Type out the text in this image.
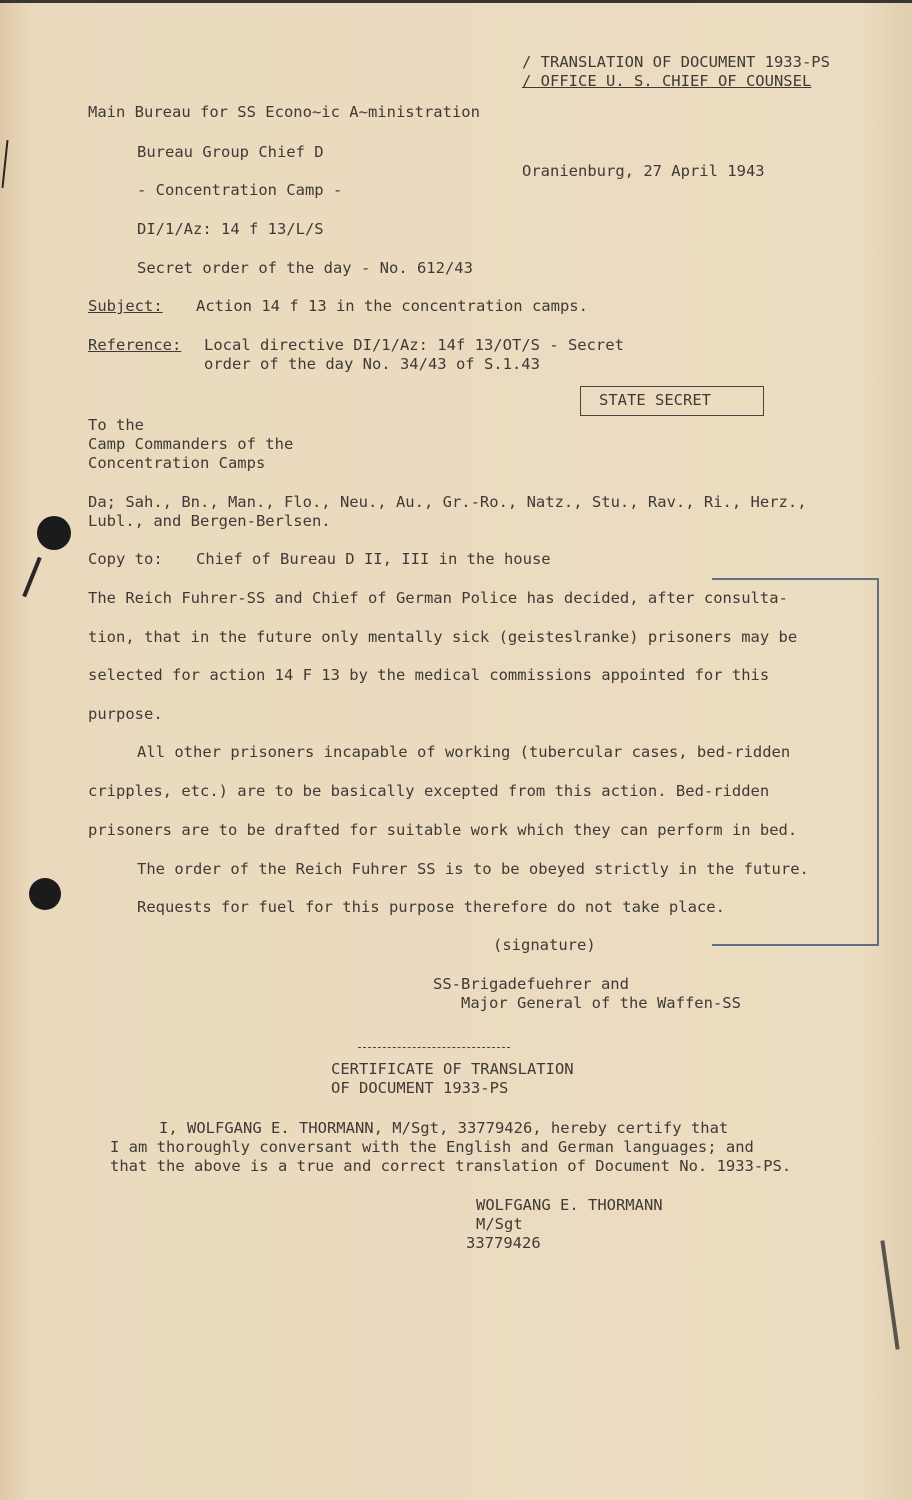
/ TRANSLATION OF DOCUMENT 1933-PS

/ OFFICE U. S. CHIEF OF COUNSEL

Main Bureau for SS Econo~ic A~ministration

Bureau Group Chief D

Oranienburg, 27 April 1943

- Concentration Camp -

DI/1/Az: 14 f 13/L/S

Secret order of the day - No. 612/43

Subject: Action 14 f 13 in the concentration camps.

Reference: Local directive DI/1/Az: 14f 13/OT/S - Secret

order of the day No. 34/43 of S.1.43

STATE SECRET

To the

Camp Commanders of the

Concentration Camps

Da; Sah., Bn., Man., Flo., Neu., Au., Gr.-Ro., Natz., Stu., Rav., Ri., Herz.,

Lubl., and Bergen-Berlsen.

Copy to: Chief of Bureau D II, III in the house

The Reich Fuhrer-SS and Chief of German Police has decided, after consulta-

tion, that in the future only mentally sick (geisteslranke) prisoners may be

selected for action 14 F 13 by the medical commissions appointed for this

purpose.

All other prisoners incapable of working (tubercular cases, bed-ridden

cripples, etc.) are to be basically excepted from this action. Bed-ridden

prisoners are to be drafted for suitable work which they can perform in bed.

The order of the Reich Fuhrer SS is to be obeyed strictly in the future.

Requests for fuel for this purpose therefore do not take place.

(signature)

SS-Brigadefuehrer and

Major General of the Waffen-SS

CERTIFICATE OF TRANSLATION

OF DOCUMENT 1933-PS

I, WOLFGANG E. THORMANN, M/Sgt, 33779426, hereby certify that

I am thoroughly conversant with the English and German languages; and

that the above is a true and correct translation of Document No. 1933-PS.

WOLFGANG E. THORMANN

M/Sgt

33779426
